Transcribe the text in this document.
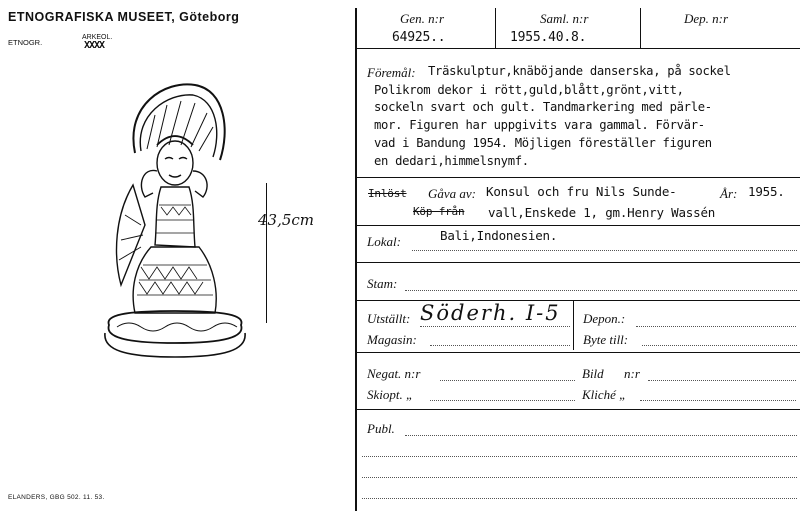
ETNOGRAFISKA MUSEET, Göteborg
ETNOGR.
ARKEOL.
XXXX
43,5cm
ELANDERS, GBG 502. 11. 53.
Gen. n:r
64925..
Saml. n:r
1955.40.8.
Dep. n:r
Föremål: Träskulptur,knäböjande danserska, på sockel
Polikrom dekor i rött,guld,blått,grönt,vitt,
sockeln svart och gult. Tandmarkering med pärle-
mor. Figuren har uppgivits vara gammal. Förvär-
vad i Bandung 1954. Möjligen föreställer figuren
en dedari,himmelsnymf.
Inlöst Gåva av: Konsul och fru Nils Sunde-	År: 1955.
Köp från vall,Enskede 1, gm.Henry Wassén
Lokal:	Bali,Indonesien.
Stam:
Utställt: Söderh. I-5 Depon.:
Magasin:	Byte till:
Negat. n:r	Bild n:r
Skiopt. „	Kliché „
Publ.
